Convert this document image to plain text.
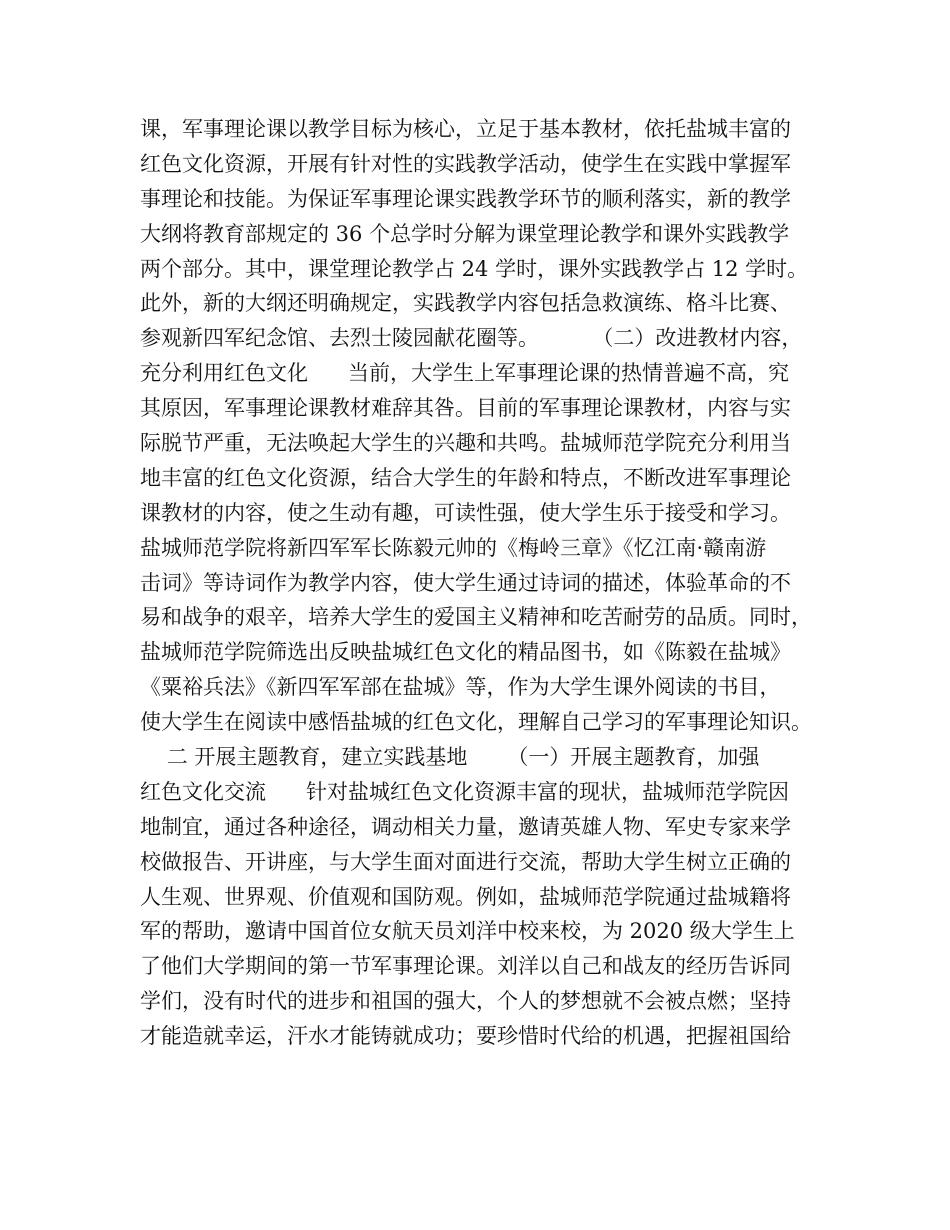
课，军事理论课以教学目标为核心，立足于基本教材，依托盐城丰富的
红色文化资源，开展有针对性的实践教学活动，使学生在实践中掌握军
事理论和技能。为保证军事理论课实践教学环节的顺利落实，新的教学
大纲将教育部规定的 36 个总学时分解为课堂理论教学和课外实践教学
两个部分。其中，课堂理论教学占 24 学时，课外实践教学占 12 学时。
此外，新的大纲还明确规定，实践教学内容包括急救演练、格斗比赛、
参观新四军纪念馆、去烈士陵园献花圈等。        （二）改进教材内容，
充分利用红色文化      当前，大学生上军事理论课的热情普遍不高，究
其原因，军事理论课教材难辞其咎。目前的军事理论课教材，内容与实
际脱节严重，无法唤起大学生的兴趣和共鸣。盐城师范学院充分利用当
地丰富的红色文化资源，结合大学生的年龄和特点，不断改进军事理论
课教材的内容，使之生动有趣，可读性强，使大学生乐于接受和学习。
盐城师范学院将新四军军长陈毅元帅的《梅岭三章》《忆江南·赣南游
击词》等诗词作为教学内容，使大学生通过诗词的描述，体验革命的不
易和战争的艰辛，培养大学生的爱国主义精神和吃苦耐劳的品质。同时，
盐城师范学院筛选出反映盐城红色文化的精品图书，如《陈毅在盐城》
《粟裕兵法》《新四军军部在盐城》等，作为大学生课外阅读的书目，
使大学生在阅读中感悟盐城的红色文化，理解自己学习的军事理论知识。
二 开展主题教育，建立实践基地      （一）开展主题教育，加强
红色文化交流      针对盐城红色文化资源丰富的现状，盐城师范学院因
地制宜，通过各种途径，调动相关力量，邀请英雄人物、军史专家来学
校做报告、开讲座，与大学生面对面进行交流，帮助大学生树立正确的
人生观、世界观、价值观和国防观。例如，盐城师范学院通过盐城籍将
军的帮助，邀请中国首位女航天员刘洋中校来校，为 2020 级大学生上
了他们大学期间的第一节军事理论课。刘洋以自己和战友的经历告诉同
学们，没有时代的进步和祖国的强大，个人的梦想就不会被点燃；坚持
才能造就幸运，汗水才能铸就成功；要珍惜时代给的机遇，把握祖国给
